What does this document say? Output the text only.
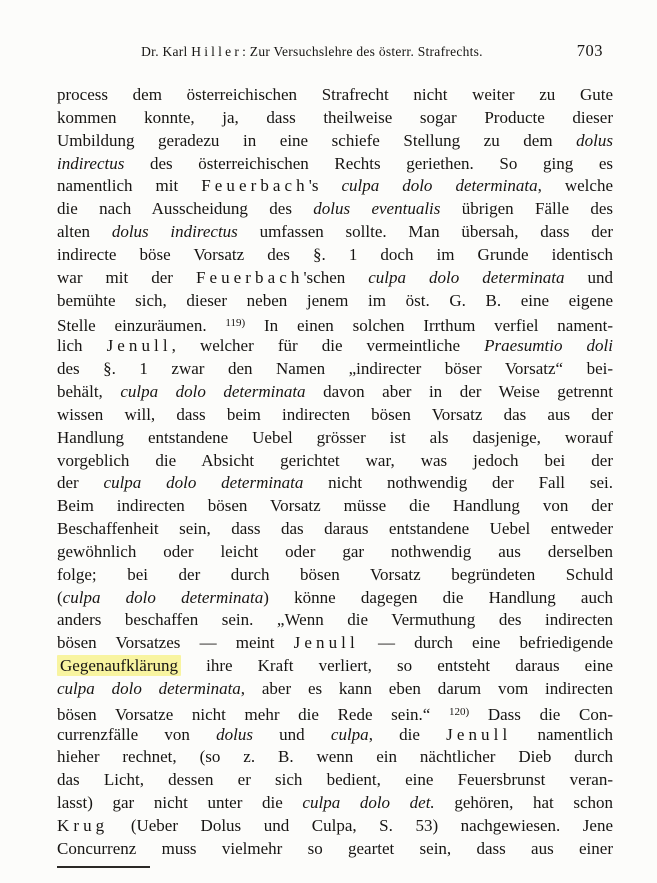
Dr. Karl Hiller: Zur Versuchslehre des österr. Strafrechts.	703
process dem österreichischen Strafrecht nicht weiter zu Gute
kommen konnte, ja, dass theilweise sogar Producte dieser
Umbildung geradezu in eine schiefe Stellung zu dem dolus
indirectus des österreichischen Rechts geriethen. So ging es
namentlich mit Feuerbach's culpa dolo determinata, welche
die nach Ausscheidung des dolus eventualis übrigen Fälle des
alten dolus indirectus umfassen sollte. Man übersah, dass der
indirecte böse Vorsatz des §. 1 doch im Grunde identisch
war mit der Feuerbach'schen culpa dolo determinata und
bemühte sich, dieser neben jenem im öst. G. B. eine eigene
Stelle einzuräumen. $^{119)}$ In einen solchen Irrthum verfiel nament-
lich Jenull, welcher für die vermeintliche Praesumtio doli
des §. 1 zwar den Namen „indirecter böser Vorsatz“ bei-
behält, culpa dolo determinata davon aber in der Weise getrennt
wissen will, dass beim indirecten bösen Vorsatz das aus der
Handlung entstandene Uebel grösser ist als dasjenige, worauf
vorgeblich die Absicht gerichtet war, was jedoch bei der
der culpa dolo determinata nicht nothwendig der Fall sei.
Beim indirecten bösen Vorsatz müsse die Handlung von der
Beschaffenheit sein, dass das daraus entstandene Uebel entweder
gewöhnlich oder leicht oder gar nothwendig aus derselben
folge; bei der durch bösen Vorsatz begründeten Schuld
(culpa dolo determinata) könne dagegen die Handlung auch
anders beschaffen sein. „Wenn die Vermuthung des indirecten
bösen Vorsatzes — meint Jenull — durch eine befriedigende
Gegenaufklärung ihre Kraft verliert, so entsteht daraus eine
culpa dolo determinata, aber es kann eben darum vom indirecten
bösen Vorsatze nicht mehr die Rede sein.“ $^{120)}$ Dass die Con-
currenzfälle von dolus und culpa, die Jenull namentlich
hieher rechnet, (so z. B. wenn ein nächtlicher Dieb durch
das Licht, dessen er sich bedient, eine Feuersbrunst veran-
lasst) gar nicht unter die culpa dolo det. gehören, hat schon
Krug (Ueber Dolus und Culpa, S. 53) nachgewiesen. Jene
Concurrenz muss vielmehr so geartet sein, dass aus einer
